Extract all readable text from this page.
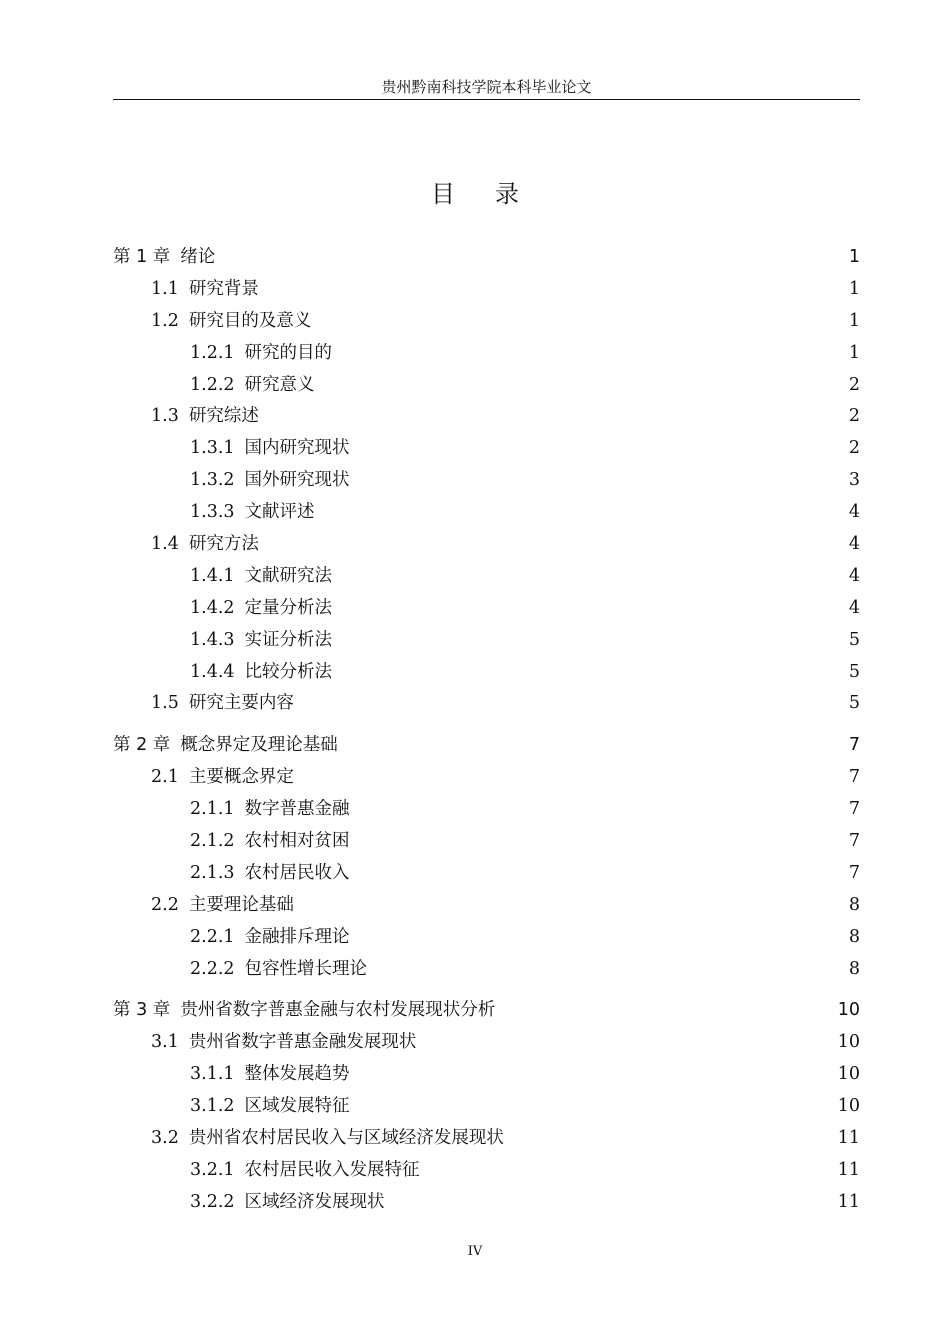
贵州黔南科技学院本科毕业论文
目录
第 1 章 绪论	1
1.1 研究背景	1
1.2 研究目的及意义	1
1.2.1 研究的目的	1
1.2.2 研究意义	2
1.3 研究综述	2
1.3.1 国内研究现状	2
1.3.2 国外研究现状	3
1.3.3 文献评述	4
1.4 研究方法	4
1.4.1 文献研究法	4
1.4.2 定量分析法	4
1.4.3 实证分析法	5
1.4.4 比较分析法	5
1.5 研究主要内容	5
第 2 章 概念界定及理论基础	7
2.1 主要概念界定	7
2.1.1 数字普惠金融	7
2.1.2 农村相对贫困	7
2.1.3 农村居民收入	7
2.2 主要理论基础	8
2.2.1 金融排斥理论	8
2.2.2 包容性增长理论	8
第 3 章 贵州省数字普惠金融与农村发展现状分析	10
3.1 贵州省数字普惠金融发展现状	10
3.1.1 整体发展趋势	10
3.1.2 区域发展特征	10
3.2 贵州省农村居民收入与区域经济发展现状	11
3.2.1 农村居民收入发展特征	11
3.2.2 区域经济发展现状	11
IV
